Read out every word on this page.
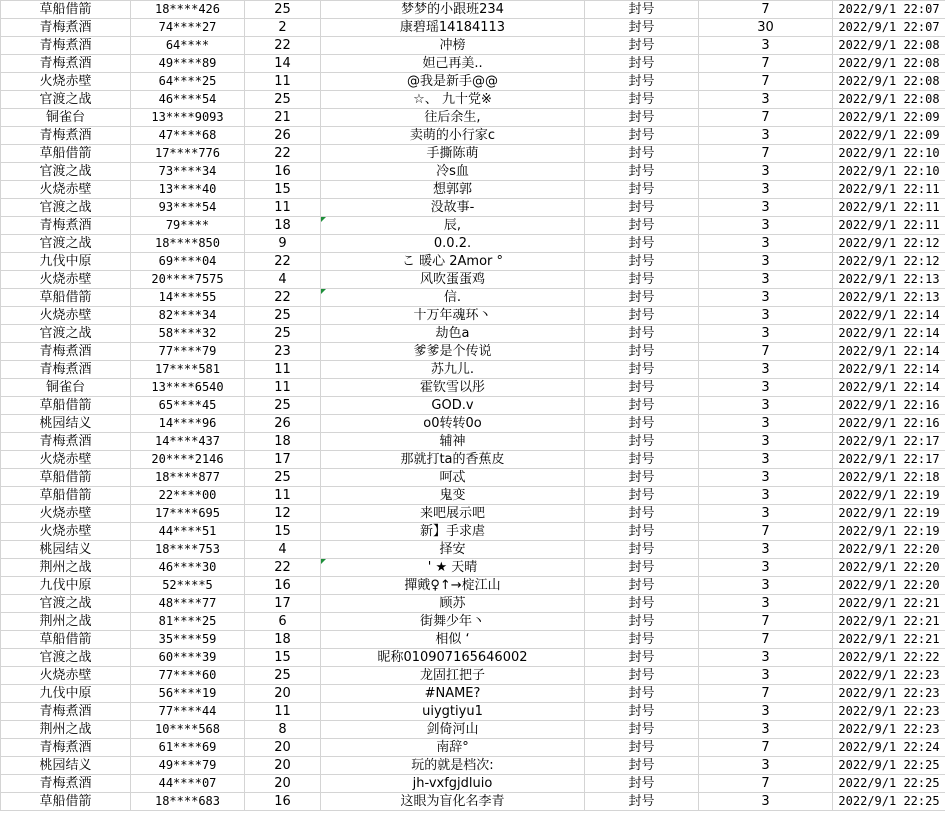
草船借箭	18****426	25	梦梦的小跟班234	封号	7	2022/9/1 22:07
青梅煮酒	74****27	2	康碧瑶14184113	封号	30	2022/9/1 22:07
青梅煮酒	64****	22	冲榜	封号	3	2022/9/1 22:08
青梅煮酒	49****89	14	妲己再美..	封号	7	2022/9/1 22:08
火烧赤壁	64****25	11	@我是新手@@	封号	7	2022/9/1 22:08
官渡之战	46****54	25	☆、 九十党※	封号	3	2022/9/1 22:08
铜雀台	13****9093	21	往后余生,	封号	7	2022/9/1 22:09
青梅煮酒	47****68	26	卖萌的小行家c	封号	3	2022/9/1 22:09
草船借箭	17****776	22	手撕陈萌	封号	7	2022/9/1 22:10
官渡之战	73****34	16	冷s血	封号	3	2022/9/1 22:10
火烧赤壁	13****40	15	想郭郭	封号	3	2022/9/1 22:11
官渡之战	93****54	11	没故事-	封号	3	2022/9/1 22:11
青梅煮酒	79****	18	辰,	封号	3	2022/9/1 22:11
官渡之战	18****850	9	0.0.2.	封号	3	2022/9/1 22:12
九伐中原	69****04	22	こ 暖心 2Amor °	封号	3	2022/9/1 22:12
火烧赤壁	20****7575	4	风吹蛋蛋鸡	封号	3	2022/9/1 22:13
草船借箭	14****55	22	信.	封号	3	2022/9/1 22:13
火烧赤壁	82****34	25	十万年魂环丶	封号	3	2022/9/1 22:14
官渡之战	58****32	25	劫色a	封号	3	2022/9/1 22:14
青梅煮酒	77****79	23	爹爹是个传说	封号	7	2022/9/1 22:14
青梅煮酒	17****581	11	苏九儿.	封号	3	2022/9/1 22:14
铜雀台	13****6540	11	霍钦雪以彤	封号	3	2022/9/1 22:14
草船借箭	65****45	25	GOD.v	封号	3	2022/9/1 22:16
桃园结义	14****96	26	o0转转0o	封号	3	2022/9/1 22:16
青梅煮酒	14****437	18	辅神	封号	3	2022/9/1 22:17
火烧赤壁	20****2146	17	那就打ta的香蕉皮	封号	3	2022/9/1 22:17
草船借箭	18****877	25	呵忒	封号	3	2022/9/1 22:18
草船借箭	22****00	11	鬼变	封号	3	2022/9/1 22:19
火烧赤壁	17****695	12	来吧展示吧	封号	3	2022/9/1 22:19
火烧赤壁	44****51	15	新】手求虐	封号	7	2022/9/1 22:19
桃园结义	18****753	4	择安	封号	3	2022/9/1 22:20
荆州之战	46****30	22	' ★ 天晴	封号	3	2022/9/1 22:20
九伐中原	52****5	16	撣戭♀↑→椗江山	封号	3	2022/9/1 22:20
官渡之战	48****77	17	顾苏	封号	3	2022/9/1 22:21
荆州之战	81****25	6	街舞少年丶	封号	7	2022/9/1 22:21
草船借箭	35****59	18	相似 ‘	封号	7	2022/9/1 22:21
官渡之战	60****39	15	昵称010907165646002	封号	3	2022/9/1 22:22
火烧赤壁	77****60	25	龙固扛把子	封号	3	2022/9/1 22:23
九伐中原	56****19	20	#NAME?	封号	7	2022/9/1 22:23
青梅煮酒	77****44	11	uiygtiyu1	封号	3	2022/9/1 22:23
荆州之战	10****568	8	剑倚河山	封号	3	2022/9/1 22:23
青梅煮酒	61****69	20	南辞°	封号	7	2022/9/1 22:24
桃园结义	49****79	20	玩的就是档次:	封号	3	2022/9/1 22:25
青梅煮酒	44****07	20	jh-vxfgjdluio	封号	7	2022/9/1 22:25
草船借箭	18****683	16	这眼为盲化名李青	封号	3	2022/9/1 22:25
